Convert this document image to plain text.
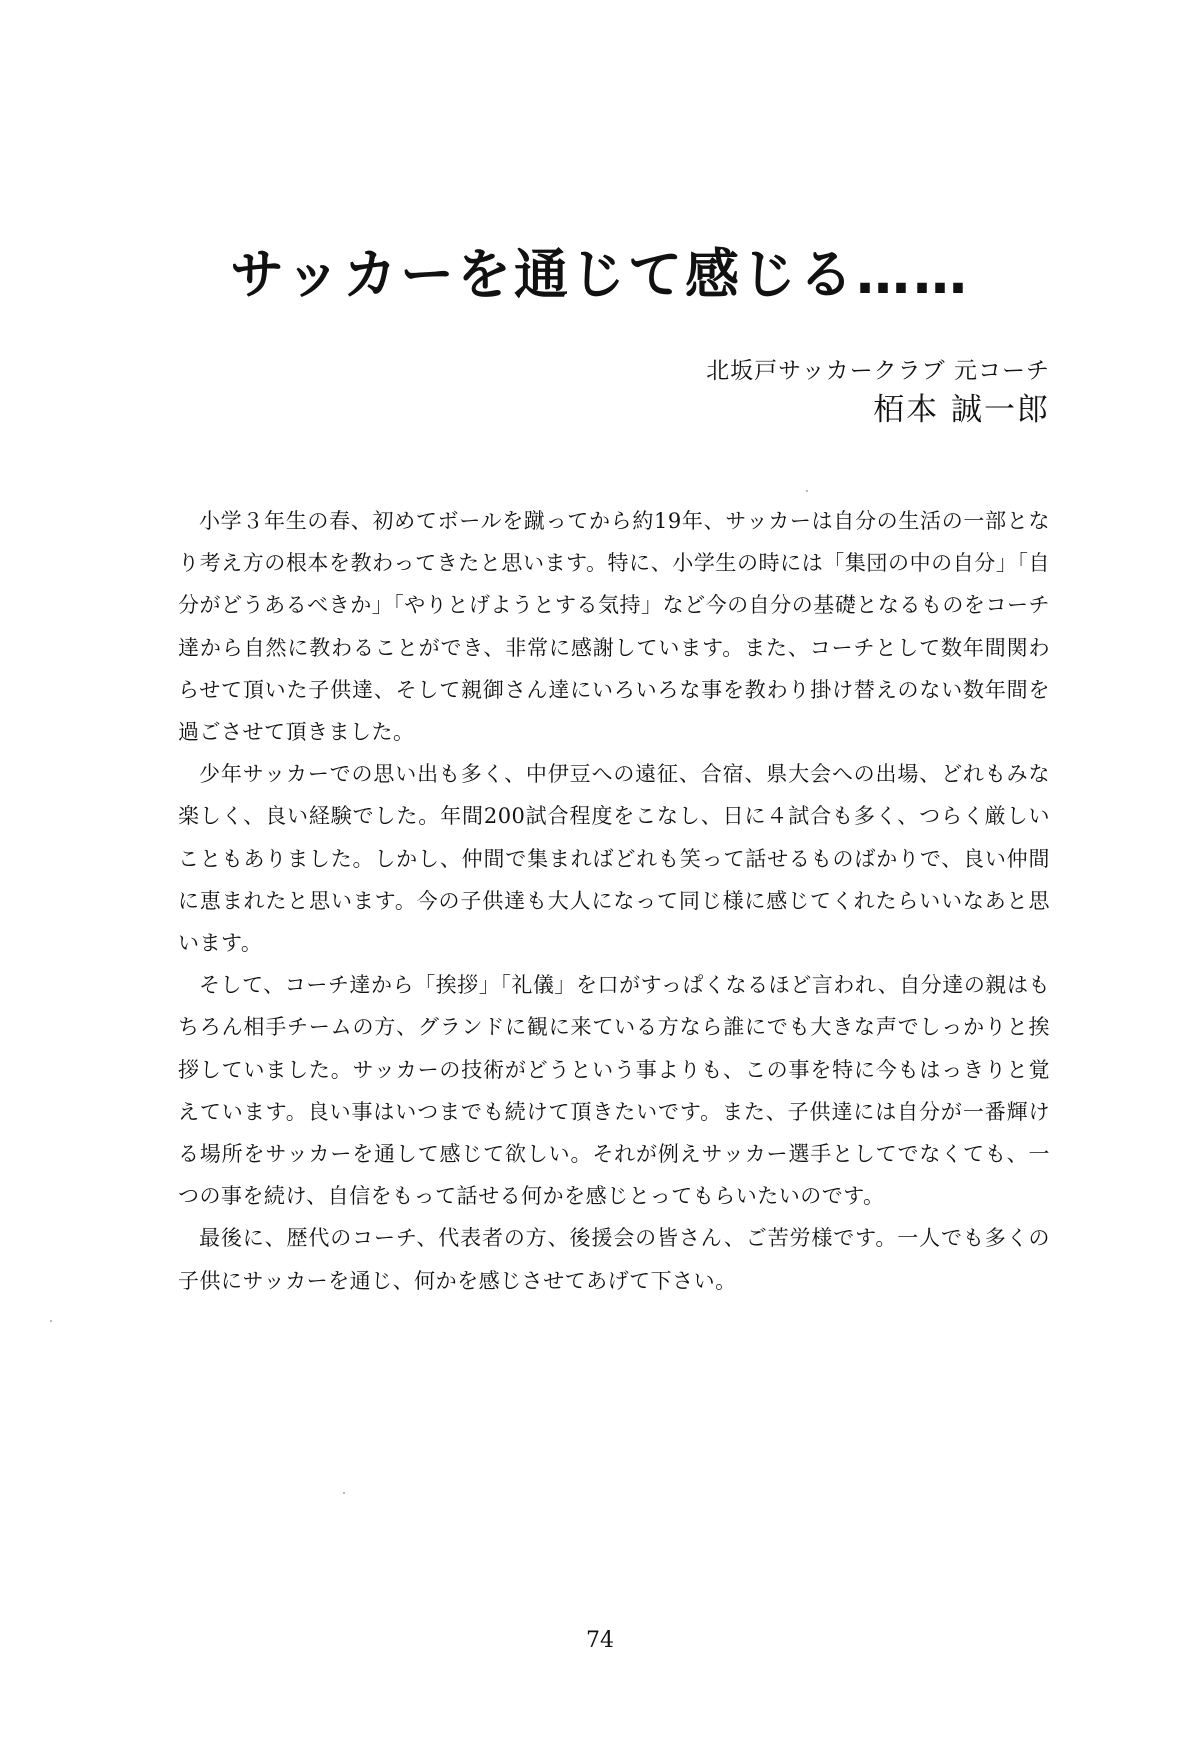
サッカーを通じて感じる……
北坂戸サッカークラブ 元コーチ
栢本 誠一郎

小学３年生の春、初めてボールを蹴ってから約19年、サッカーは自分の生活の一部となり考え方の根本を教わってきたと思います。特に、小学生の時には「集団の中の自分」「自分がどうあるべきか」「やりとげようとする気持」など今の自分の基礎となるものをコーチ達から自然に教わることができ、非常に感謝しています。また、コーチとして数年間関わらせて頂いた子供達、そして親御さん達にいろいろな事を教わり掛け替えのない数年間を過ごさせて頂きました。

少年サッカーでの思い出も多く、中伊豆への遠征、合宿、県大会への出場、どれもみな楽しく、良い経験でした。年間200試合程度をこなし、日に４試合も多く、つらく厳しいこともありました。しかし、仲間で集まればどれも笑って話せるものばかりで、良い仲間に恵まれたと思います。今の子供達も大人になって同じ様に感じてくれたらいいなあと思います。

そして、コーチ達から「挨拶」「礼儀」を口がすっぱくなるほど言われ、自分達の親はもちろん相手チームの方、グランドに観に来ている方なら誰にでも大きな声でしっかりと挨拶していました。サッカーの技術がどうという事よりも、この事を特に今もはっきりと覚えています。良い事はいつまでも続けて頂きたいです。また、子供達には自分が一番輝ける場所をサッカーを通して感じて欲しい。それが例えサッカー選手としてでなくても、一つの事を続け、自信をもって話せる何かを感じとってもらいたいのです。

最後に、歴代のコーチ、代表者の方、後援会の皆さん、ご苦労様です。一人でも多くの子供にサッカーを通じ、何かを感じさせてあげて下さい。

74
